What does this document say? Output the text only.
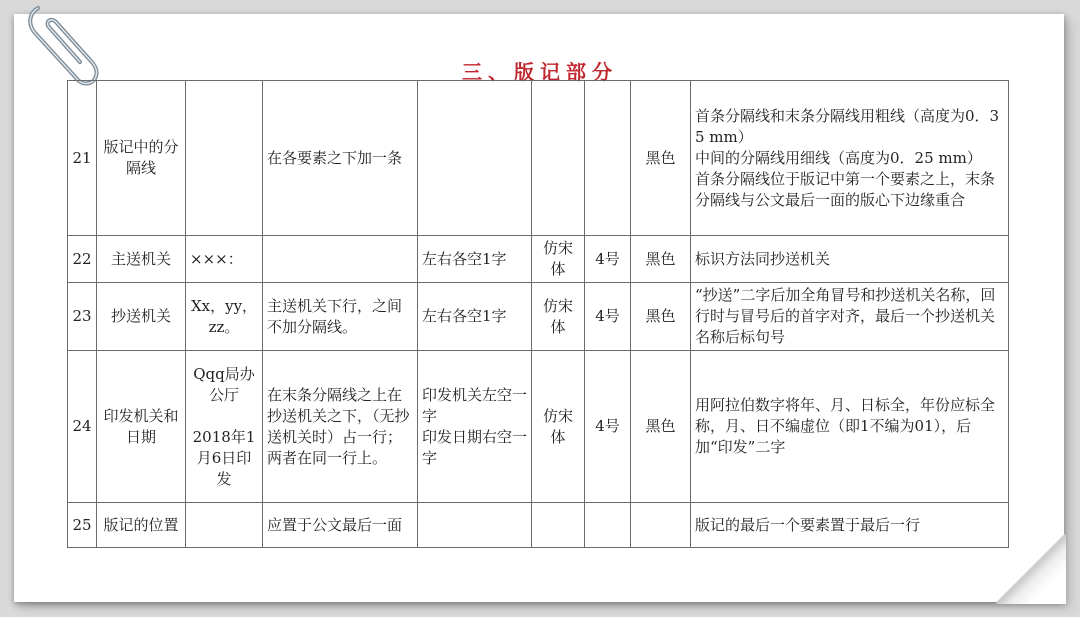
三、版记部分
21	版记中的分隔线		在各要素之下加一条				黑色	首条分隔线和末条分隔线用粗线（高度为0．35 mm）
中间的分隔线用细线（高度为0．25 mm）
首条分隔线位于版记中第一个要素之上，末条分隔线与公文最后一面的版心下边缘重合
22	主送机关	×××：		左右各空1字	仿宋体	4号	黑色	标识方法同抄送机关
23	抄送机关	Xx，yy，zz。	主送机关下行，之间不加分隔线。	左右各空1字	仿宋体	4号	黑色	“抄送”二字后加全角冒号和抄送机关名称，回行时与冒号后的首字对齐，最后一个抄送机关名称后标句号
24	印发机关和日期	Qqq局办公厅

2018年1月6日印发	在末条分隔线之上在抄送机关之下，（无抄送机关时）占一行；两者在同一行上。	印发机关左空一字
印发日期右空一字	仿宋体	4号	黑色	用阿拉伯数字将年、月、日标全，年份应标全称，月、日不编虚位（即1不编为01），后加“印发”二字
25	版记的位置		应置于公文最后一面					版记的最后一个要素置于最后一行
